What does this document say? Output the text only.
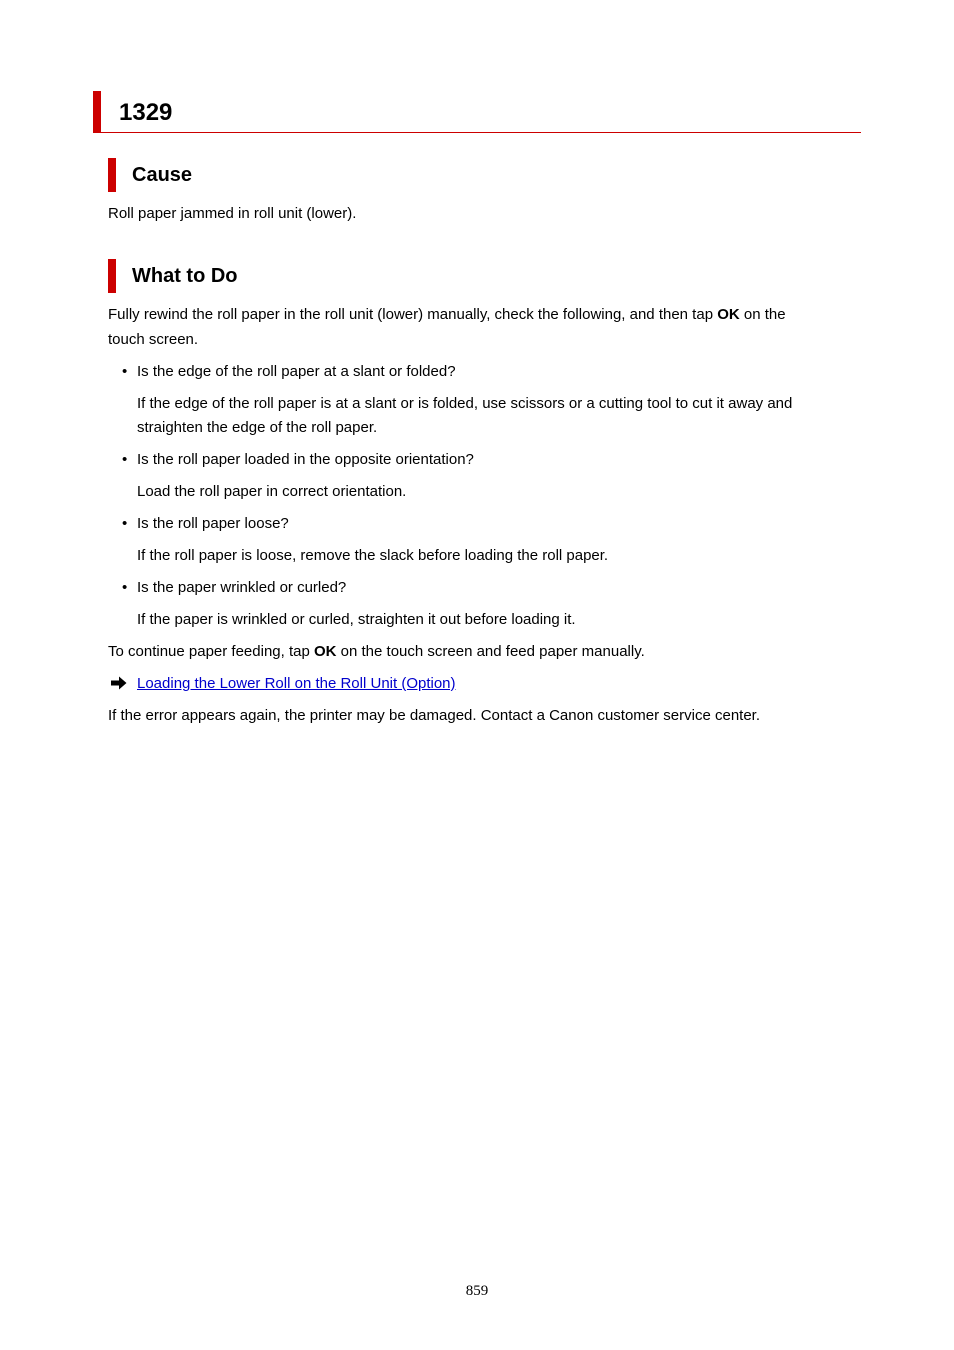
1329
Cause
Roll paper jammed in roll unit (lower).
What to Do
Fully rewind the roll paper in the roll unit (lower) manually, check the following, and then tap OK on the
touch screen.
• Is the edge of the roll paper at a slant or folded?
If the edge of the roll paper is at a slant or is folded, use scissors or a cutting tool to cut it away and
straighten the edge of the roll paper.
• Is the roll paper loaded in the opposite orientation?
Load the roll paper in correct orientation.
• Is the roll paper loose?
If the roll paper is loose, remove the slack before loading the roll paper.
• Is the paper wrinkled or curled?
If the paper is wrinkled or curled, straighten it out before loading it.
To continue paper feeding, tap OK on the touch screen and feed paper manually.
Loading the Lower Roll on the Roll Unit (Option)
If the error appears again, the printer may be damaged. Contact a Canon customer service center.
859
